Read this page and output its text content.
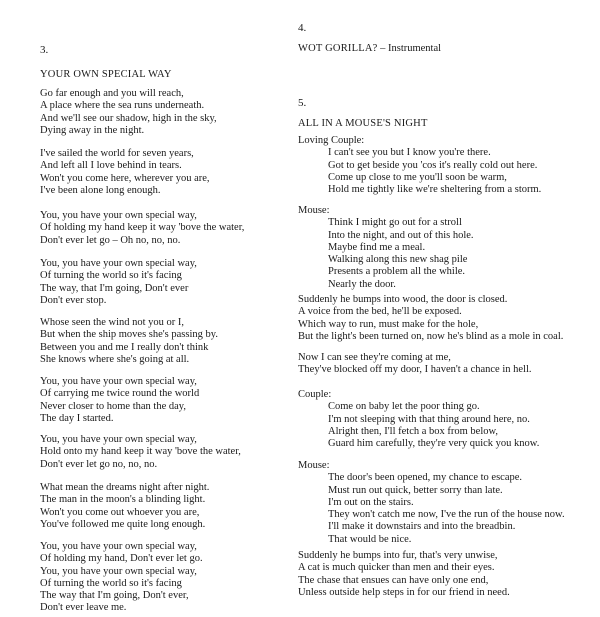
3.
YOUR OWN SPECIAL WAY
Go far enough and you will reach,
A place where the sea runs underneath.
And we'll see our shadow, high in the sky,
Dying away in the night.
I've sailed the world for seven years,
And left all I love behind in tears.
Won't you come here, wherever you are,
I've been alone long enough.
You, you have your own special way,
Of holding my hand keep it way 'bove the water,
Don't ever let go – Oh no, no, no.
You, you have your own special way,
Of turning the world so it's facing
The way, that I'm going, Don't ever
Don't ever stop.
Whose seen the wind not you or I,
But when the ship moves she's passing by.
Between you and me I really don't think
She knows where she's going at all.
You, you have your own special way,
Of carrying me twice round the world
Never closer to home than the day,
The day I started.
You, you have your own special way,
Hold onto my hand keep it way 'bove the water,
Don't ever let go no, no, no.
What mean the dreams night after night.
The man in the moon's a blinding light.
Won't you come out whoever you are,
You've followed me quite long enough.
You, you have your own special way,
Of holding my hand, Don't ever let go.
You, you have your own special way,
Of turning the world so it's facing
The way that I'm going, Don't ever,
Don't ever leave me.
4.
WOT GORILLA? – Instrumental
5.
ALL IN A MOUSE'S NIGHT
Loving Couple:
I can't see you but I know you're there.
Got to get beside you 'cos it's really cold out here.
Come up close to me you'll soon be warm,
Hold me tightly like we're sheltering from a storm.
Mouse:
Think I might go out for a stroll
Into the night, and out of this hole.
Maybe find me a meal.
Walking along this new shag pile
Presents a problem all the while.
Nearly the door.
Suddenly he bumps into wood, the door is closed.
A voice from the bed, he'll be exposed.
Which way to run, must make for the hole,
But the light's been turned on, now he's blind as a mole in coal.
Now I can see they're coming at me,
They've blocked off my door, I haven't a chance in hell.
Couple:
Come on baby let the poor thing go.
I'm not sleeping with that thing around here, no.
Alright then, I'll fetch a box from below,
Guard him carefully, they're very quick you know.
Mouse:
The door's been opened, my chance to escape.
Must run out quick, better sorry than late.
I'm out on the stairs.
They won't catch me now, I've the run of the house now.
I'll make it downstairs and into the breadbin.
That would be nice.
Suddenly he bumps into fur, that's very unwise,
A cat is much quicker than men and their eyes.
The chase that ensues can have only one end,
Unless outside help steps in for our friend in need.
